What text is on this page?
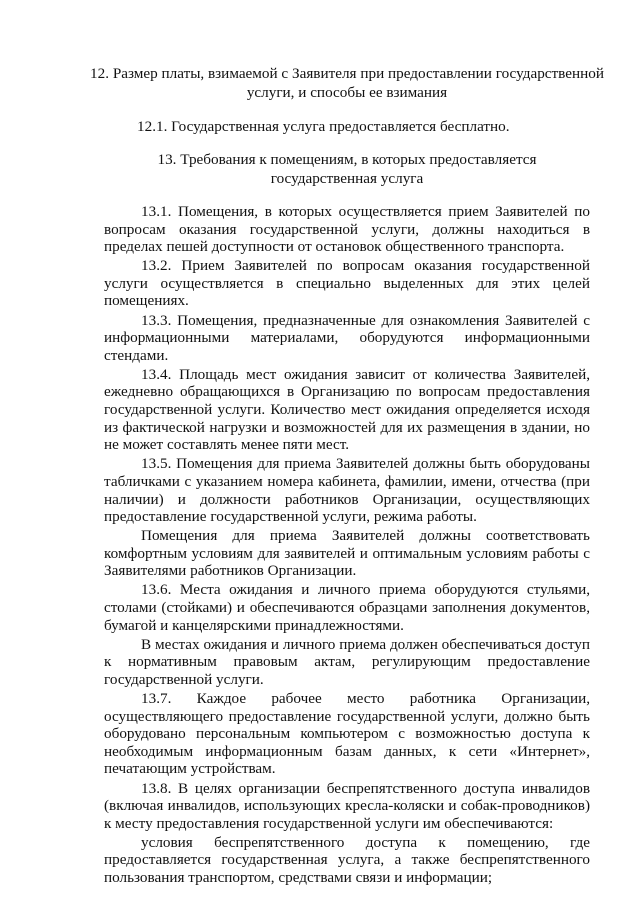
12. Размер платы, взимаемой с Заявителя при предоставлении государственной услуги, и способы ее взимания

12.1. Государственная услуга предоставляется бесплатно.

13. Требования к помещениям, в которых предоставляется государственная услуга

13.1. Помещения, в которых осуществляется прием Заявителей по вопросам оказания государственной услуги, должны находиться в пределах пешей доступности от остановок общественного транспорта.

13.2. Прием Заявителей по вопросам оказания государственной услуги осуществляется в специально выделенных для этих целей помещениях.

13.3. Помещения, предназначенные для ознакомления Заявителей с информационными материалами, оборудуются информационными стендами.

13.4. Площадь мест ожидания зависит от количества Заявителей, ежедневно обращающихся в Организацию по вопросам предоставления государственной услуги. Количество мест ожидания определяется исходя из фактической нагрузки и возможностей для их размещения в здании, но не может составлять менее пяти мест.

13.5. Помещения для приема Заявителей должны быть оборудованы табличками с указанием номера кабинета, фамилии, имени, отчества (при наличии) и должности работников Организации, осуществляющих предоставление государственной услуги, режима работы.

Помещения для приема Заявителей должны соответствовать комфортным условиям для заявителей и оптимальным условиям работы с Заявителями работников Организации.

13.6. Места ожидания и личного приема оборудуются стульями, столами (стойками) и обеспечиваются образцами заполнения документов, бумагой и канцелярскими принадлежностями.

В местах ожидания и личного приема должен обеспечиваться доступ к нормативным правовым актам, регулирующим предоставление государственной услуги.

13.7. Каждое рабочее место работника Организации, осуществляющего предоставление государственной услуги, должно быть оборудовано персональным компьютером с возможностью доступа к необходимым информационным базам данных, к сети «Интернет», печатающим устройствам.

13.8. В целях организации беспрепятственного доступа инвалидов (включая инвалидов, использующих кресла-коляски и собак-проводников) к месту предоставления государственной услуги им обеспечиваются:

условия беспрепятственного доступа к помещению, где предоставляется государственная услуга, а также беспрепятственного пользования транспортом, средствами связи и информации;
